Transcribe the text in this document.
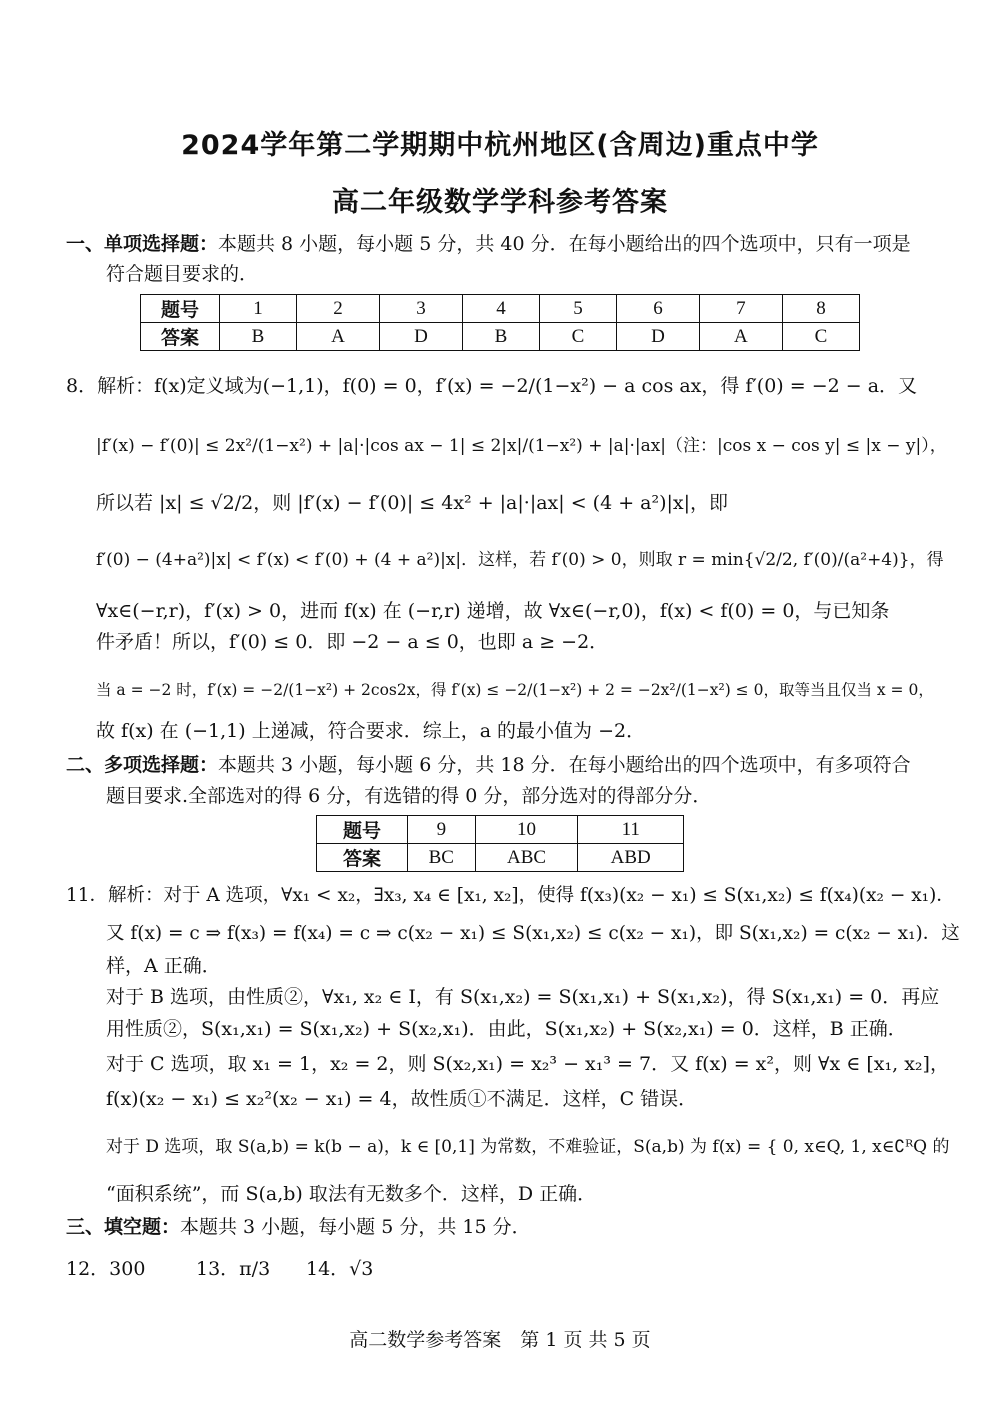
2024学年第二学期期中杭州地区(含周边)重点中学
高二年级数学学科参考答案
一、单项选择题：本题共 8 小题，每小题 5 分，共 40 分．在每小题给出的四个选项中，只有一项是
符合题目要求的．
题号	1	2	3	4	5	6	7	8
答案	B	A	D	B	C	D	A	C
8．解析：f(x)定义域为(−1,1)，f(0) = 0，f′(x) = −2/(1−x²) − a cos ax，得 f′(0) = −2 − a．又
|f′(x) − f′(0)| ≤ 2x²/(1−x²) + |a|·|cos ax − 1| ≤ 2|x|/(1−x²) + |a|·|ax|（注：|cos x − cos y| ≤ |x − y|），
所以若 |x| ≤ √2/2，则 |f′(x) − f′(0)| ≤ 4x² + |a|·|ax| < (4 + a²)|x|，即
f′(0) − (4+a²)|x| < f′(x) < f′(0) + (4 + a²)|x|．这样，若 f′(0) > 0，则取 r = min{√2/2, f′(0)/(a²+4)}，得
∀x∈(−r,r)，f′(x) > 0，进而 f(x) 在 (−r,r) 递增，故 ∀x∈(−r,0)，f(x) < f(0) = 0，与已知条
件矛盾！所以，f′(0) ≤ 0．即 −2 − a ≤ 0，也即 a ≥ −2．
当 a = −2 时，f′(x) = −2/(1−x²) + 2cos2x，得 f′(x) ≤ −2/(1−x²) + 2 = −2x²/(1−x²) ≤ 0，取等当且仅当 x = 0，
故 f(x) 在 (−1,1) 上递减，符合要求．综上，a 的最小值为 −2．
二、多项选择题：本题共 3 小题，每小题 6 分，共 18 分．在每小题给出的四个选项中，有多项符合
题目要求.全部选对的得 6 分，有选错的得 0 分，部分选对的得部分分．
题号	9	10	11
答案	BC	ABC	ABD
11．解析：对于 A 选项，∀x₁ < x₂，∃x₃, x₄ ∈ [x₁, x₂]，使得 f(x₃)(x₂ − x₁) ≤ S(x₁,x₂) ≤ f(x₄)(x₂ − x₁)．
又 f(x) = c ⇒ f(x₃) = f(x₄) = c ⇒ c(x₂ − x₁) ≤ S(x₁,x₂) ≤ c(x₂ − x₁)，即 S(x₁,x₂) = c(x₂ − x₁)．这
样，A 正确．
对于 B 选项，由性质②，∀x₁, x₂ ∈ I，有 S(x₁,x₂) = S(x₁,x₁) + S(x₁,x₂)，得 S(x₁,x₁) = 0．再应
用性质②，S(x₁,x₁) = S(x₁,x₂) + S(x₂,x₁)．由此，S(x₁,x₂) + S(x₂,x₁) = 0．这样，B 正确．
对于 C 选项，取 x₁ = 1，x₂ = 2，则 S(x₂,x₁) = x₂³ − x₁³ = 7．又 f(x) = x²，则 ∀x ∈ [x₁, x₂]，
f(x)(x₂ − x₁) ≤ x₂²(x₂ − x₁) = 4，故性质①不满足．这样，C 错误．
对于 D 选项，取 S(a,b) = k(b − a)，k ∈ [0,1] 为常数，不难验证，S(a,b) 为 f(x) = { 0, x∈Q, 1, x∈∁ᴿQ 的
“面积系统”，而 S(a,b) 取法有无数多个．这样，D 正确．
三、填空题：本题共 3 小题，每小题 5 分，共 15 分．
12．300	13．π/3 14．√3
高二数学参考答案　第 1 页 共 5 页
